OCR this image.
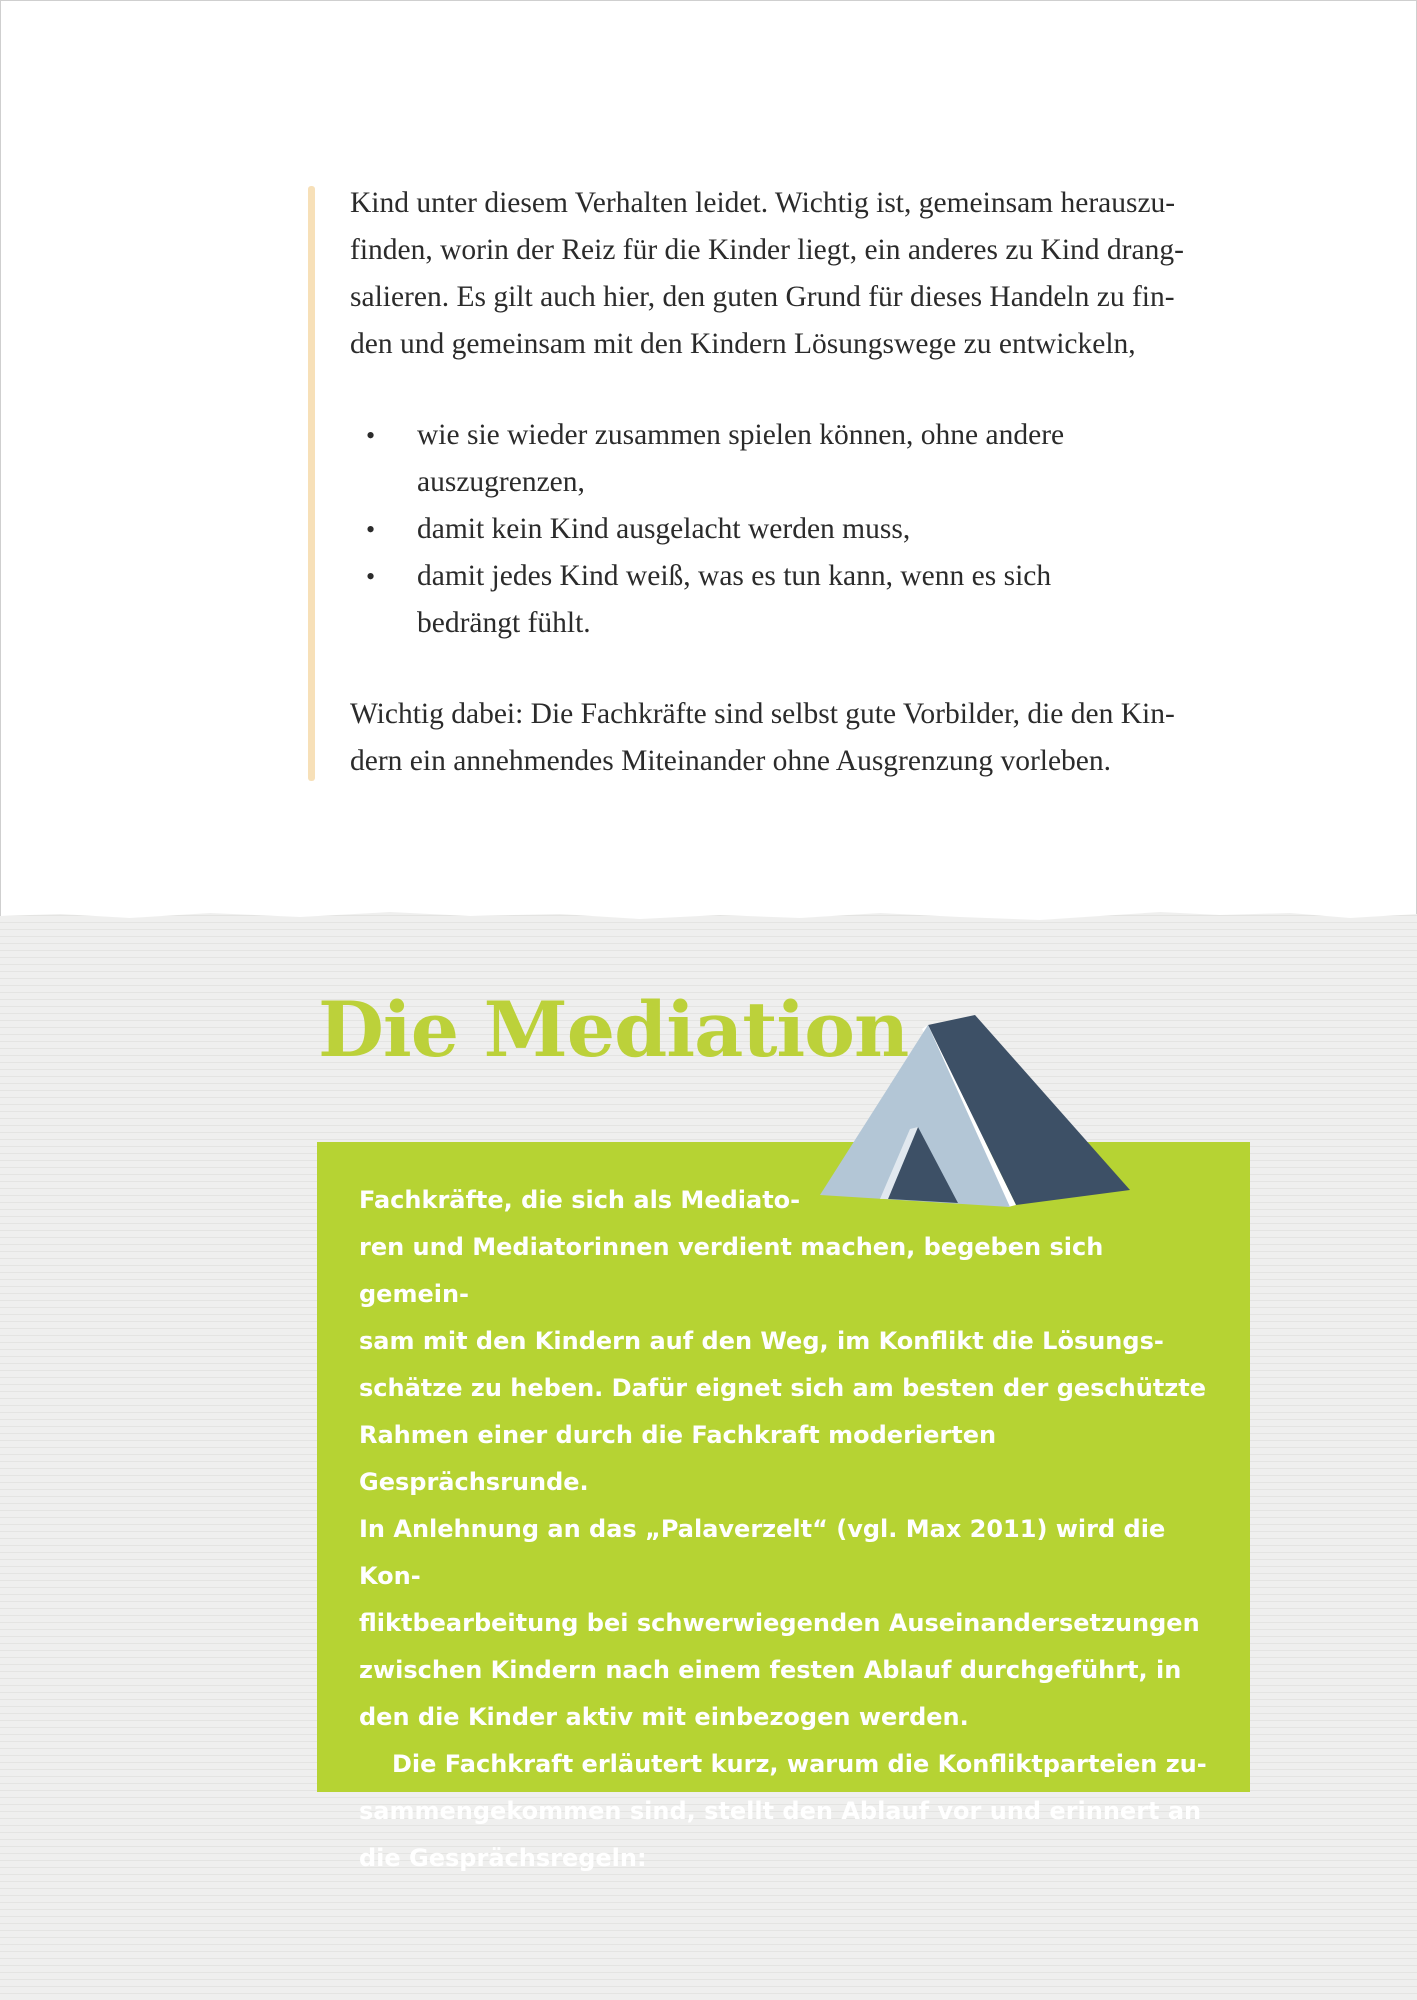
Kind unter diesem Verhalten leidet. Wichtig ist, gemeinsam herauszu-
finden, worin der Reiz für die Kinder liegt, ein anderes zu Kind drang-
salieren. Es gilt auch hier, den guten Grund für dieses Handeln zu fin-
den und gemeinsam mit den Kindern Lösungswege zu entwickeln,

• wie sie wieder zusammen spielen können, ohne andere
auszugrenzen,
• damit kein Kind ausgelacht werden muss,
• damit jedes Kind weiß, was es tun kann, wenn es sich
bedrängt fühlt.

Wichtig dabei: Die Fachkräfte sind selbst gute Vorbilder, die den Kin-
dern ein annehmendes Miteinander ohne Ausgrenzung vorleben.

Die Mediation

Fachkräfte, die sich als Mediato-
ren und Mediatorinnen verdient machen, begeben sich gemein-
sam mit den Kindern auf den Weg, im Konflikt die Lösungs-
schätze zu heben. Dafür eignet sich am besten der geschützte
Rahmen einer durch die Fachkraft moderierten Gesprächsrunde.
In Anlehnung an das „Palaverzelt“ (vgl. Max 2011) wird die Kon-
fliktbearbeitung bei schwerwiegenden Auseinandersetzungen
zwischen Kindern nach einem festen Ablauf durchgeführt, in
den die Kinder aktiv mit einbezogen werden.

Die Fachkraft erläutert kurz, warum die Konfliktparteien zu-
sammengekommen sind, stellt den Ablauf vor und erinnert an
die Gesprächsregeln:
